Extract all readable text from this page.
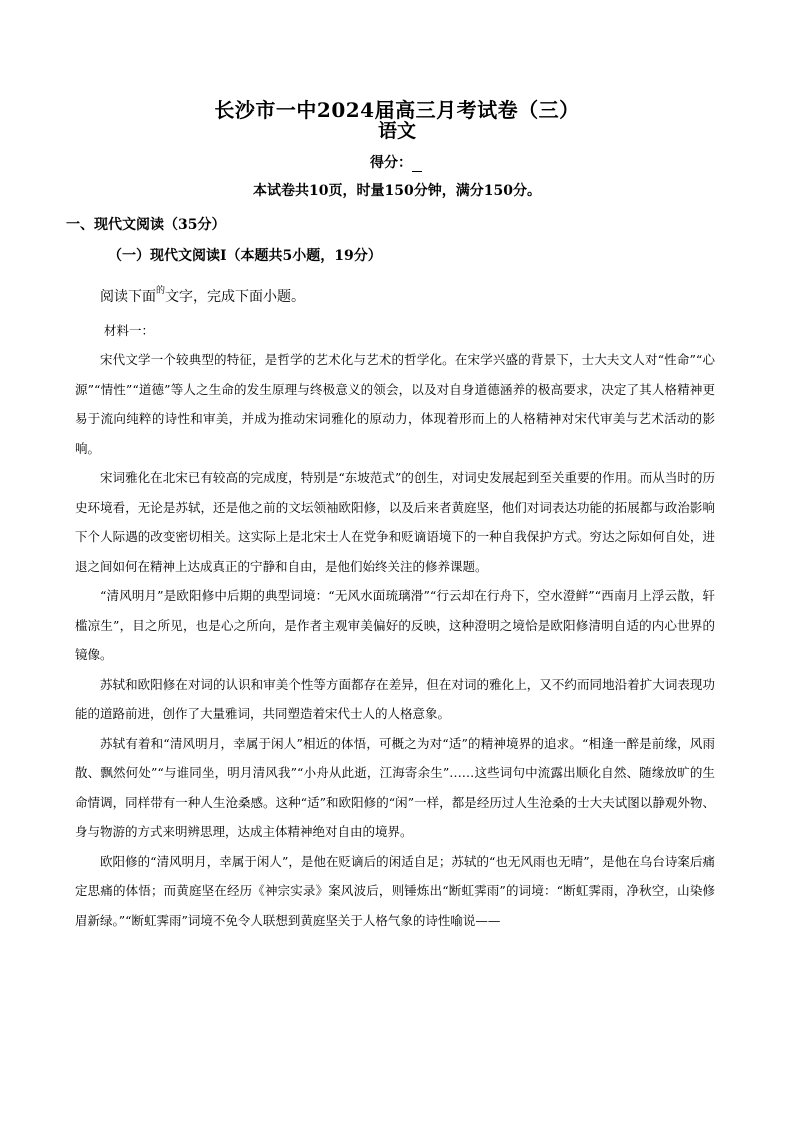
长沙市一中2024届高三月考试卷（三）
语文
得分：
本试卷共10页，时量150分钟，满分150分。
一、现代文阅读（35分）
（一）现代文阅读Ⅰ（本题共5小题，19分）
阅读下面$^的$文字，完成下面小题。
材料一：

宋代文学一个较典型的特征，是哲学的艺术化与艺术的哲学化。在宋学兴盛的背景下，士大夫文人对“性命”“心源”“情性”“道德”等人之生命的发生原理与终极意义的领会，以及对自身道德涵养的极高要求，决定了其人格精神更易于流向纯粹的诗性和审美，并成为推动宋词雅化的原动力，体现着形而上的人格精神对宋代审美与艺术活动的影响。

宋词雅化在北宋已有较高的完成度，特别是“东坡范式”的创生，对词史发展起到至关重要的作用。而从当时的历史环境看，无论是苏轼，还是他之前的文坛领袖欧阳修，以及后来者黄庭坚，他们对词表达功能的拓展都与政治影响下个人际遇的改变密切相关。这实际上是北宋士人在党争和贬谪语境下的一种自我保护方式。穷达之际如何自处，进退之间如何在精神上达成真正的宁静和自由，是他们始终关注的修养课题。

“清风明月”是欧阳修中后期的典型词境：“无风水面琉璃滑”“行云却在行舟下，空水澄鲜”“西南月上浮云散，轩槛凉生”，目之所见，也是心之所向，是作者主观审美偏好的反映，这种澄明之境恰是欧阳修清明自适的内心世界的镜像。

苏轼和欧阳修在对词的认识和审美个性等方面都存在差异，但在对词的雅化上，又不约而同地沿着扩大词表现功能的道路前进，创作了大量雅词，共同塑造着宋代士人的人格意象。

苏轼有着和“清风明月，幸属于闲人”相近的体悟，可概之为对“适”的精神境界的追求。“相逢一醉是前缘，风雨散、飘然何处”“与谁同坐，明月清风我”“小舟从此逝，江海寄余生”……这些词句中流露出顺化自然、随缘放旷的生命情调，同样带有一种人生沧桑感。这种“适”和欧阳修的“闲”一样，都是经历过人生沧桑的士大夫试图以静观外物、身与物游的方式来明辨思理，达成主体精神绝对自由的境界。

欧阳修的“清风明月，幸属于闲人”，是他在贬谪后的闲适自足；苏轼的“也无风雨也无晴”，是他在乌台诗案后痛定思痛的体悟；而黄庭坚在经历《神宗实录》案风波后，则锤炼出“断虹霁雨”的词境：“断虹霁雨，净秋空，山染修眉新绿。”“断虹霁雨”词境不免令人联想到黄庭坚关于人格气象的诗性喻说——
